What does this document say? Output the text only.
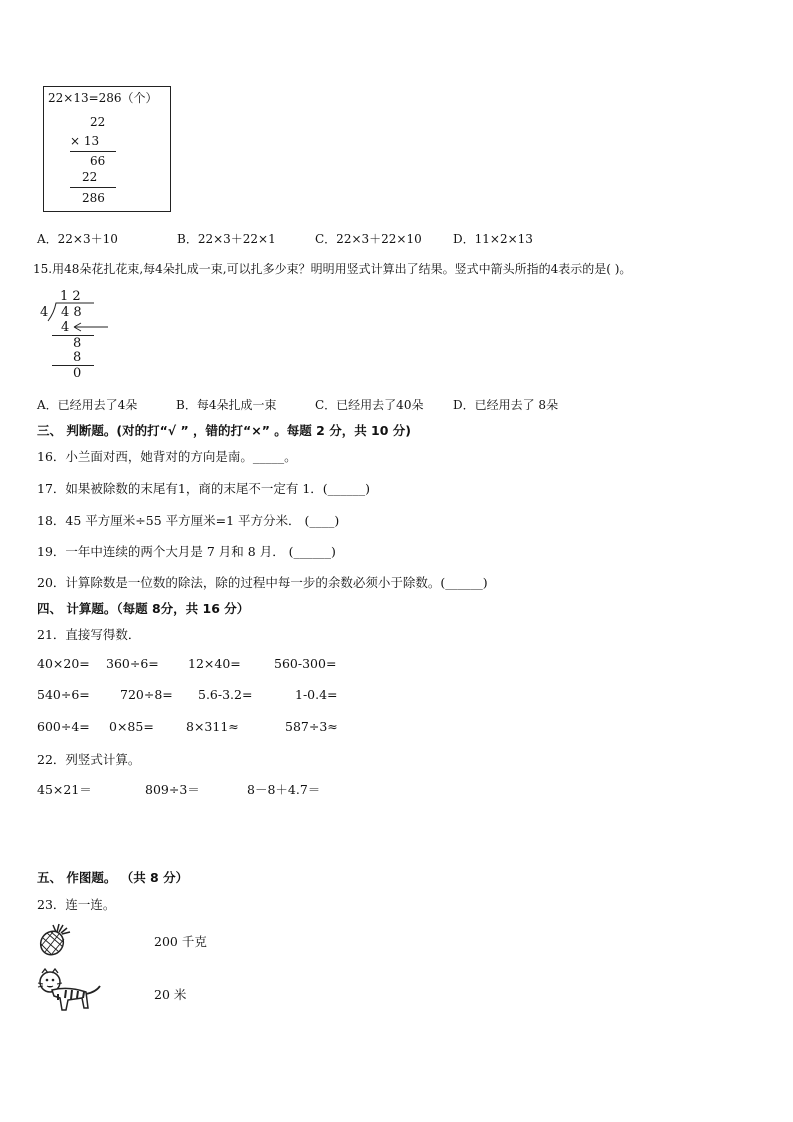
22×13=286（个）
22
× 13
66
22
286
A．22×3＋10	B．22×3＋22×1	C．22×3＋22×10	D．11×2×13
15.用48朵花扎花束,每4朵扎成一束,可以扎多少束？明明用竖式计算出了结果。竖式中箭头所指的4表示的是( )。
1 2
4 4 8
4
8
8
0
A．已经用去了4朵	B．每4朵扎成一束	C．已经用去了40朵 D．已经用去了 8朵
三、 判断题。(对的打“√ ” ，错的打“×” 。每题 2 分，共 10 分)
16．小兰面对西，她背对的方向是南。_____。
17．如果被除数的末尾有1，商的末尾不一定有 1．(______)
18．45 平方厘米÷55 平方厘米=1 平方分米． (____)
19．一年中连续的两个大月是 7 月和 8 月． (______)
20．计算除数是一位数的除法，除的过程中每一步的余数必须小于除数。(______)
四、 计算题。（每题 8分，共 16 分）
21．直接写得数．
40×20= 360÷6= 12×40=	560-300=
540÷6= 720÷8= 5.6-3.2=	1-0.4=
600÷4= 0×85=	8×311≈	587÷3≈
22．列竖式计算。
45×21＝	809÷3＝	8－8＋4.7＝
五、 作图题。 （共 8 分）
23．连一连。
200 千克
20 米
